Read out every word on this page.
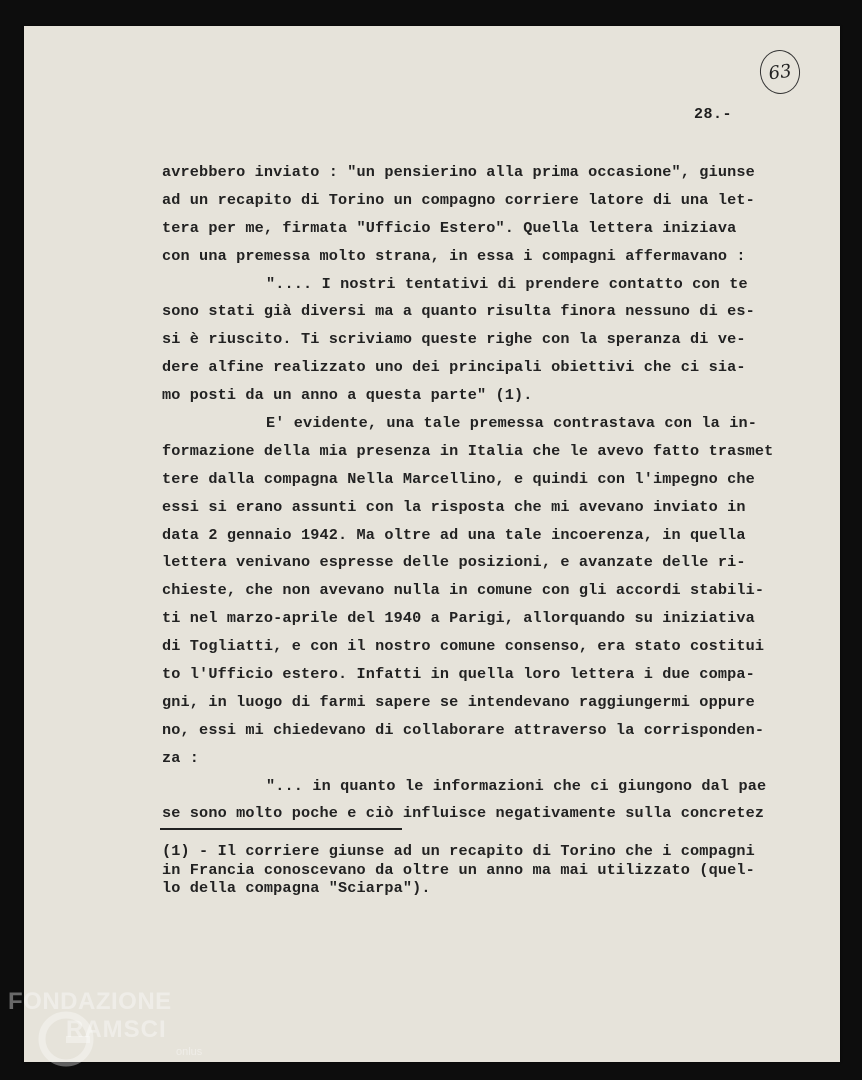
63
28.-
avrebbero inviato : "un pensierino alla prima occasione", giunse
ad un recapito di Torino un compagno corriere latore di una let-
tera per me, firmata "Ufficio Estero". Quella lettera iniziava
con una premessa molto strana, in essa i compagni affermavano :
".... I nostri tentativi di prendere contatto con te
sono stati già diversi ma a quanto risulta finora nessuno di es-
si è riuscito. Ti scriviamo queste righe con la speranza di ve-
dere alfine realizzato uno dei principali obiettivi che ci sia-
mo posti da un anno a questa parte" (1).
E' evidente, una tale premessa contrastava con la in-
formazione della mia presenza in Italia che le avevo fatto trasmet
tere dalla compagna Nella Marcellino, e quindi con l'impegno che
essi si erano assunti con la risposta che mi avevano inviato in
data 2 gennaio 1942. Ma oltre ad una tale incoerenza, in quella
lettera venivano espresse delle posizioni, e avanzate delle ri-
chieste, che non avevano nulla in comune con gli accordi stabili-
ti nel marzo-aprile del 1940 a Parigi, allorquando su iniziativa
di Togliatti, e con il nostro comune consenso, era stato costitui
to l'Ufficio estero. Infatti in quella loro lettera i due compa-
gni, in luogo di farmi sapere se intendevano raggiungermi oppure
no, essi mi chiedevano di collaborare attraverso la corrisponden-
za :
"... in quanto le informazioni che ci giungono dal pae
se sono molto poche e ciò influisce negativamente sulla concretez
(1) - Il corriere giunse ad un recapito di Torino che i compagni
in Francia conoscevano da oltre un anno ma mai utilizzato (quel-
lo della compagna "Sciarpa").
FONDAZIONE
RAMSCI
onlus
